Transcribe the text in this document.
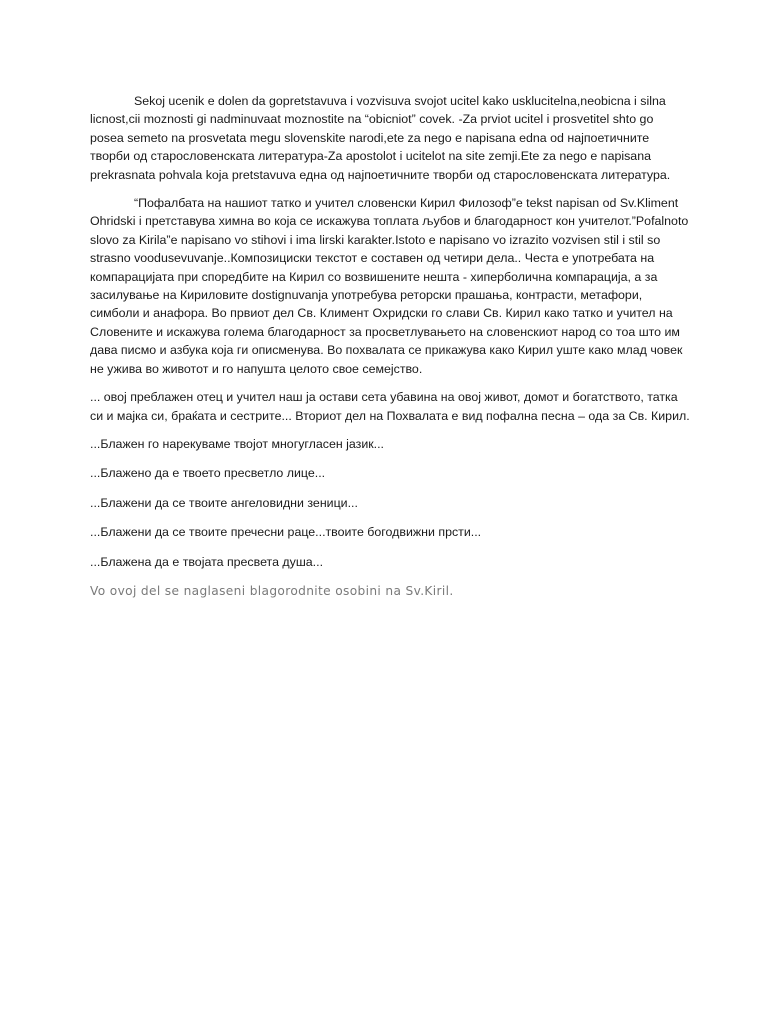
Sekoj ucenik e dolen da gopretstavuva i vozvisuva svojot ucitel kako usklucitelna,neobicna i silna licnost,cii moznosti gi nadminuvaat moznostite na “obicniot” covek. -Za prviot ucitel i prosvetitel shto go posea semeto na prosvetata megu slovenskite narodi,ete za nego e napisana edna od најпоетичните творби од старословенската литература-Za apostolot i ucitelot na site zemji.Ete za nego e napisana prekrasnata pohvala koja pretstavuva една од најпоетичните творби од старословенската литература.

“Пофалбата на нашиот татко и учител словенски Кирил Филозоф”е tekst napisan od Sv.Kliment Ohridski i претставува химна во која се искажува топлата љубов и благодарност кон учителот.”Pofalnoto slovo za Kirila”e napisano vo stihovi i ima lirski karakter.Istoto e napisano vo izrazito vozvisen stil i stil so strasno voodusevuvanje..Композициски текстот е составен од четири дела.. Честа е употребата на компарацијата при споредбите на Кирил со возвишените нешта - хиперболична компарација, а за засилување на Кириловите dostignuvanja употребува реторски прашања, контрасти, метафори, симболи и анафора. Во првиот дел Св. Климент Охридски го слави Св. Кирил како татко и учител на Словените и искажува голема благодарност за просветлувањето на словенскиот народ со тоа што им дава писмо и азбука која ги описменува. Во похвалата се прикажува како Кирил уште како млад човек не ужива во животот и го напушта целото свое семејство.

... овој преблажен отец и учител наш ја остави сета убавина на овој живот, домот и богатството, татка си и мајка си, браќата и сестрите... Вториот дел на Похвалата е вид пофална песна – ода за Св. Кирил.

...Блажен го нарекуваме твојот многугласен јазик...

...Блажено да е твоето пресветло лице...

...Блажени да се твоите ангеловидни зеници...

...Блажени да се твоите пречесни раце...твоите богодвижни прсти...

...Блажена да е твојата пресвета душа...

Vo ovoj del se naglaseni blagorodnite osobini na Sv.Kiril.
